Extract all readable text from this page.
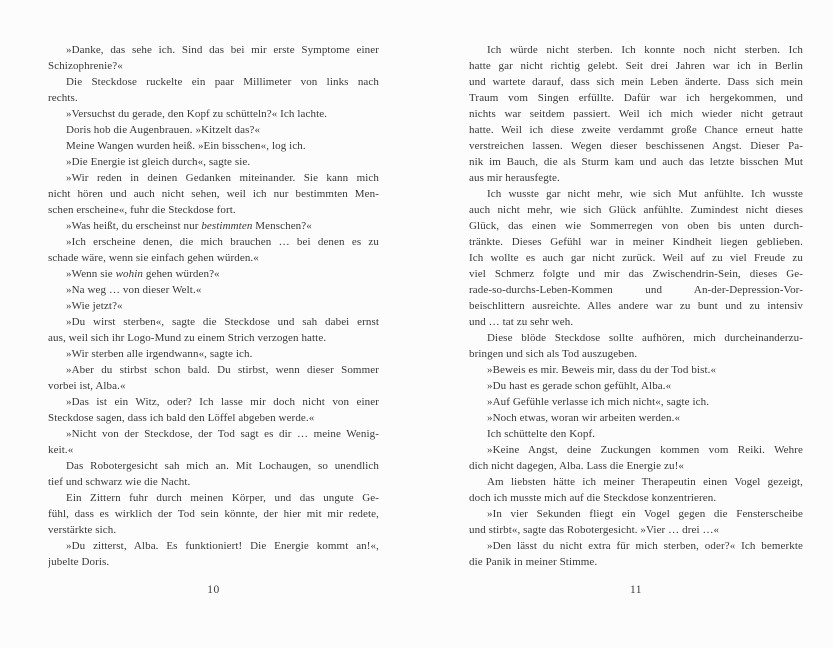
»Danke, das sehe ich. Sind das bei mir erste Symptome einer
Schizophrenie?«
Die Steckdose ruckelte ein paar Millimeter von links nach
rechts.
»Versuchst du gerade, den Kopf zu schütteln?« Ich lachte.
Doris hob die Augenbrauen. »Kitzelt das?«
Meine Wangen wurden heiß. »Ein bisschen«, log ich.
»Die Energie ist gleich durch«, sagte sie.
»Wir reden in deinen Gedanken miteinander. Sie kann mich
nicht hören und auch nicht sehen, weil ich nur bestimmten Men-
schen erscheine«, fuhr die Steckdose fort.
»Was heißt, du erscheinst nur bestimmten Menschen?«
»Ich erscheine denen, die mich brauchen … bei denen es zu
schade wäre, wenn sie einfach gehen würden.«
»Wenn sie wohin gehen würden?«
»Na weg … von dieser Welt.«
»Wie jetzt?«
»Du wirst sterben«, sagte die Steckdose und sah dabei ernst
aus, weil sich ihr Logo-Mund zu einem Strich verzogen hatte.
»Wir sterben alle irgendwann«, sagte ich.
»Aber du stirbst schon bald. Du stirbst, wenn dieser Sommer
vorbei ist, Alba.«
»Das ist ein Witz, oder? Ich lasse mir doch nicht von einer
Steckdose sagen, dass ich bald den Löffel abgeben werde.«
»Nicht von der Steckdose, der Tod sagt es dir … meine Wenig-
keit.«
Das Robotergesicht sah mich an. Mit Lochaugen, so unendlich
tief und schwarz wie die Nacht.
Ein Zittern fuhr durch meinen Körper, und das ungute Ge-
fühl, dass es wirklich der Tod sein könnte, der hier mit mir redete,
verstärkte sich.
»Du zitterst, Alba. Es funktioniert! Die Energie kommt an!«,
jubelte Doris.
10
Ich würde nicht sterben. Ich konnte noch nicht sterben. Ich
hatte gar nicht richtig gelebt. Seit drei Jahren war ich in Berlin
und wartete darauf, dass sich mein Leben änderte. Dass sich mein
Traum vom Singen erfüllte. Dafür war ich hergekommen, und
nichts war seitdem passiert. Weil ich mich wieder nicht getraut
hatte. Weil ich diese zweite verdammt große Chance erneut hatte
verstreichen lassen. Wegen dieser beschissenen Angst. Dieser Pa-
nik im Bauch, die als Sturm kam und auch das letzte bisschen Mut
aus mir herausfegte.
Ich wusste gar nicht mehr, wie sich Mut anfühlte. Ich wusste
auch nicht mehr, wie sich Glück anfühlte. Zumindest nicht dieses
Glück, das einen wie Sommerregen von oben bis unten durch-
tränkte. Dieses Gefühl war in meiner Kindheit liegen geblieben.
Ich wollte es auch gar nicht zurück. Weil auf zu viel Freude zu
viel Schmerz folgte und mir das Zwischendrin-Sein, dieses Ge-
rade-so-durchs-Leben-Kommen und An-der-Depression-Vor-
beischlittern ausreichte. Alles andere war zu bunt und zu intensiv
und … tat zu sehr weh.
Diese blöde Steckdose sollte aufhören, mich durcheinanderzu-
bringen und sich als Tod auszugeben.
»Beweis es mir. Beweis mir, dass du der Tod bist.«
»Du hast es gerade schon gefühlt, Alba.«
»Auf Gefühle verlasse ich mich nicht«, sagte ich.
»Noch etwas, woran wir arbeiten werden.«
Ich schüttelte den Kopf.
»Keine Angst, deine Zuckungen kommen vom Reiki. Wehre
dich nicht dagegen, Alba. Lass die Energie zu!«
Am liebsten hätte ich meiner Therapeutin einen Vogel gezeigt,
doch ich musste mich auf die Steckdose konzentrieren.
»In vier Sekunden fliegt ein Vogel gegen die Fensterscheibe
und stirbt«, sagte das Robotergesicht. »Vier … drei …«
»Den lässt du nicht extra für mich sterben, oder?« Ich bemerkte
die Panik in meiner Stimme.
11
